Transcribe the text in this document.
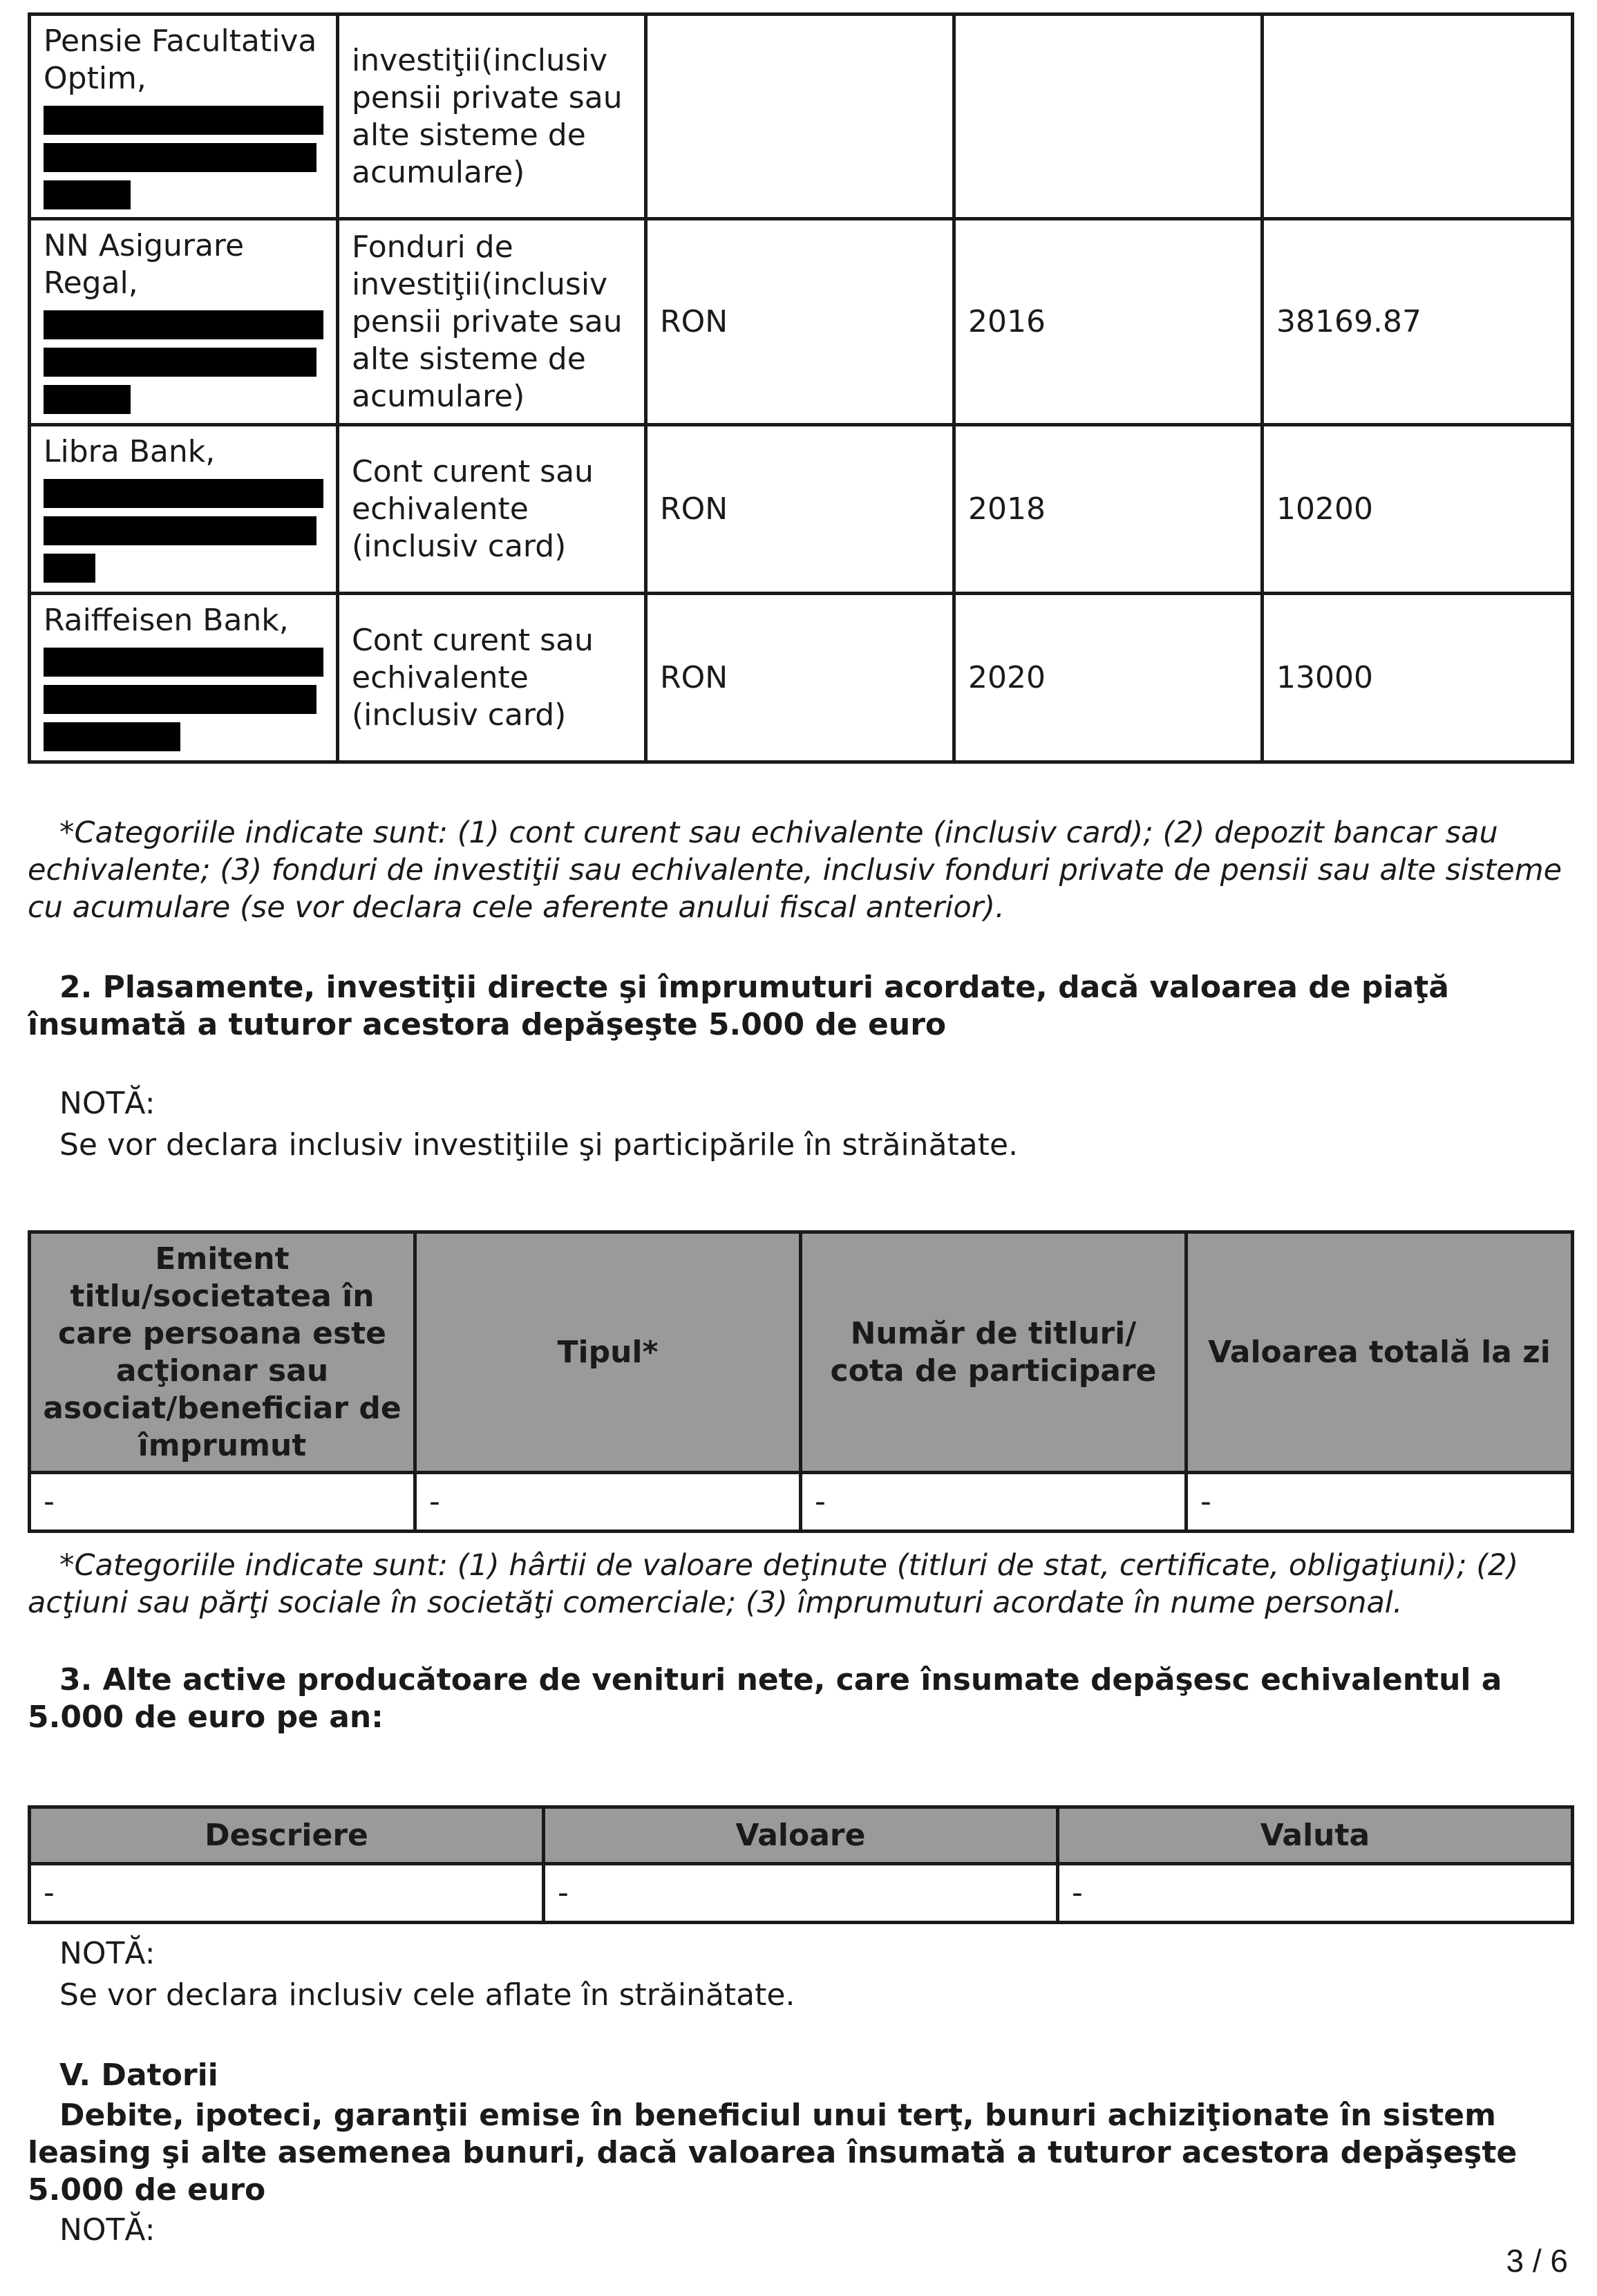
Pensie Facultativa Optim,	investiţii(inclusiv pensii private sau alte sisteme de acumulare)			

NN Asigurare Regal,	Fonduri de investiţii(inclusiv pensii private sau alte sisteme de acumulare)	RON	2016	38169.87

Libra Bank,	Cont curent sau echivalente (inclusiv card)	RON	2018	10200

Raiffeisen Bank,	Cont curent sau echivalente (inclusiv card)	RON	2020	13000
*Categoriile indicate sunt: (1) cont curent sau echivalente (inclusiv card); (2) depozit bancar sau echivalente; (3) fonduri de investiţii sau echivalente, inclusiv fonduri private de pensii sau alte sisteme cu acumulare (se vor declara cele aferente anului fiscal anterior).
2. Plasamente, investiţii directe şi împrumuturi acordate, dacă valoarea de piaţă însumată a tuturor acestora depăşeşte 5.000 de euro
NOTĂ:
Se vor declara inclusiv investiţiile şi participările în străinătate.
Emitent titlu/societatea în care persoana este acţionar sau asociat/beneficiar de împrumut	Tipul*	Număr de titluri/ cota de participare	Valoarea totală la zi
-	-	-	-
*Categoriile indicate sunt: (1) hârtii de valoare deţinute (titluri de stat, certificate, obligaţiuni); (2) acţiuni sau părţi sociale în societăţi comerciale; (3) împrumuturi acordate în nume personal.
3. Alte active producătoare de venituri nete, care însumate depăşesc echivalentul a 5.000 de euro pe an:
Descriere	Valoare	Valuta
-	-	-
NOTĂ:
Se vor declara inclusiv cele aflate în străinătate.
V. Datorii
Debite, ipoteci, garanţii emise în beneficiul unui terţ, bunuri achiziţionate în sistem leasing şi alte asemenea bunuri, dacă valoarea însumată a tuturor acestora depăşeşte 5.000 de euro
NOTĂ:
3 / 6
